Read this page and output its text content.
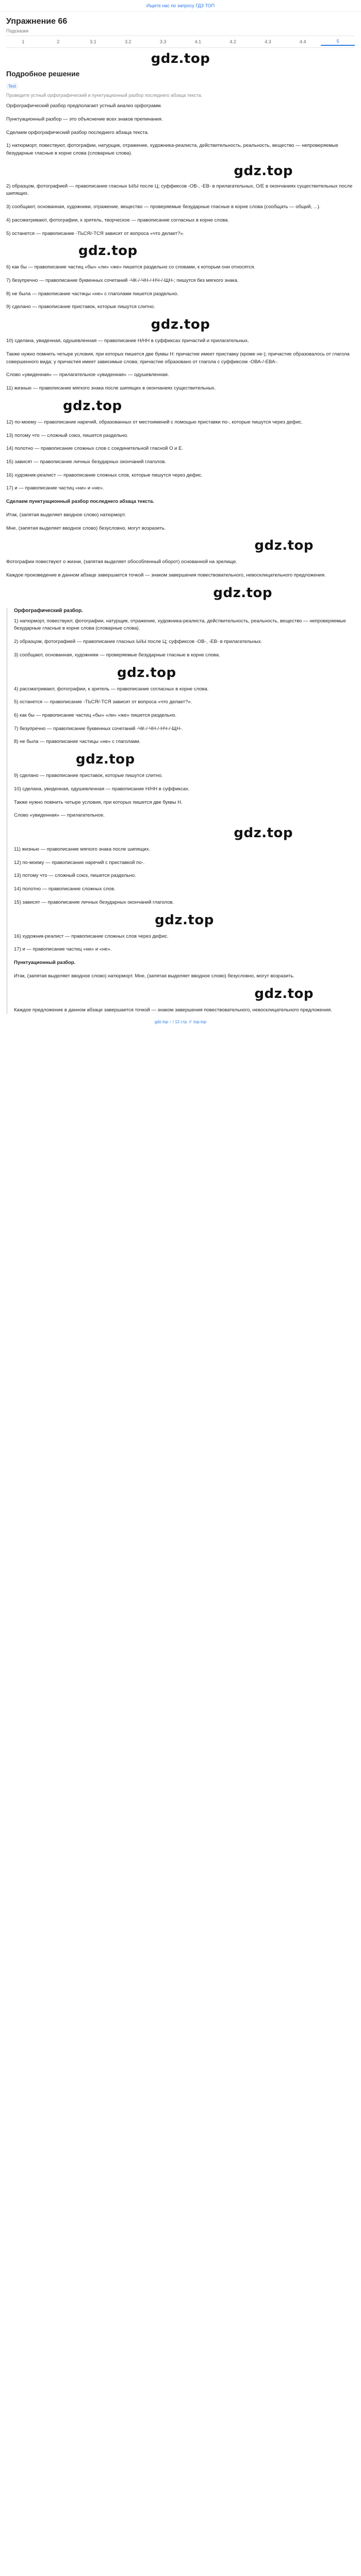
Ищите нас по запросу ГДЗ ТОП
Упражнение 66
Подсказки
1	2	3.1	3.2	3.3	4.1	4.2	4.3	4.4	5
gdz.top
Подробное решение
Text
Проведите устный орфографический и пунктуационный разбор последнего абзаца текста.

Орфографический разбор предполагает устный анализ орфограмм.

Пунктуационный разбор — это объяснение всех знаков препинания.

Сделаем орфографический разбор последнего абзаца текста.

1) натюрморт, повествуют, фотографии, натурщик, отражение, художника-реалиста, действительность, реальность, вещество — непроверяемые безударные гласные в корне слова (словарные слова).

gdz.top

2) образцом, фотографией — правописание гласных Ы/Ы после Ц; суффиксов -ОВ-, -ЕВ- в прилагательных, О/Е в окончаниях существительных после шипящих.

3) сообщают, основанная, художники, отражение, вещество — проверяемые безударные гласные в корне слова (сообщать — общий, ...).

4) рассматривают, фотографии, к зритель, творческое — правописание согласных в корне слова.

5) останется — правописание -ТЬСЯ/-ТСЯ зависит от вопроса «что делает?».

gdz.top

6) как бы — правописание частиц «бы» «ли» «же» пишется раздельно со словами, к которым они относятся.

7) безупречно — правописание буквенных сочетаний -ЧК-/-ЧН-/-НЧ-/-ЩН-; пишутся без мягкого знака.

8) не была — правописание частицы «не» с глаголами пишется раздельно.

9) сделано — правописание приставок, которые пишутся слитно.

gdz.top

10) сделана, увиденная, одушевленная — правописание Н/НН в суффиксах причастий и прилагательных.

Также нужно помнить четыре условия, при которых пишется две буквы Н: причастие имеет приставку (кроме не-); причастие образовалось от глагола совершенного вида; у причастия имеет зависимые слова; причастие образовано от глагола с суффиксом -ОВА-/-ЕВА-.

Слово «увиденная» — прилагательное «увиденная» — одушевленная.

11) жизнью — правописание мягкого знака после шипящих в окончаниях существительных.

gdz.top

12) по-моему — правописание наречий, образованных от местоимений с помощью приставки по-, которые пишутся через дефис.

13) потому что — сложный союз, пишется раздельно.

14) полотно — правописание сложных слов с соединительной гласной О и Е.

15) зависят — правописание личных безударных окончаний глаголов.

16) художник-реалист — правописание сложных слов, которые пишутся через дефис.

17) и — правописание частиц «ни» и «не».

Сделаем пунктуационный разбор последнего абзаца текста.

Итак, (запятая выделяет вводное слово) натюрморт.

Мне, (запятая выделяет вводное слово) безусловно, могут возразить.

gdz.top

Фотографии повествуют о жизни, (запятая выделяет обособленный оборот) основанной на зрелище.

Каждое произведение в данном абзаце завершается точкой — знаком завершения повествовательного, невосклицательного предложения.

gdz.top
Орфографический разбор.

1) натюрморт, повествуют, фотографии, натурщик, отражение, художника-реалиста, действительность, реальность, вещество — непроверяемые безударные гласные в корне слова (словарные слова).

2) образцом, фотографией — правописание гласных Ы/Ы после Ц; суффиксов -ОВ-, -ЕВ- в прилагательных.

3) сообщают, основанная, художники — проверяемые безударные гласные в корне слова.

gdz.top

4) рассматривают, фотографии, к зритель — правописание согласных в корне слова.

5) останется — правописание -ТЬСЯ/-ТСЯ зависит от вопроса «что делает?».

6) как бы — правописание частиц «бы» «ли» «же» пишется раздельно.

7) безупречно — правописание буквенных сочетаний -ЧК-/-ЧН-/-НЧ-/-ЩН-.

8) не была — правописание частицы «не» с глаголами.

gdz.top

9) сделано — правописание приставок, которые пишутся слитно.

10) сделана, увиденная, одушевленная — правописание Н/НН в суффиксах.

Также нужно помнить четыре условия, при которых пишется две буквы Н.

Слово «увиденная» — прилагательное.

gdz.top

11) жизнью — правописание мягкого знака после шипящих.

12) по-моему — правописание наречий с приставкой по-.

13) потому что — сложный союз, пишется раздельно.

14) полотно — правописание сложных слов.

15) зависят — правописание личных безударных окончаний глаголов.

gdz.top

16) художник-реалист — правописание сложных слов через дефис.

17) и — правописание частиц «ни» и «не».

Пунктуационный разбор.

Итак, (запятая выделяет вводное слово) натюрморт. Мне, (запятая выделяет вводное слово) безусловно, могут возразить.

gdz.top

Каждое предложение в данном абзаце завершается точкой — знаком завершения повествовательного, невосклицательного предложения.

gdz.top ↑ / 12 стр. // .top.top
